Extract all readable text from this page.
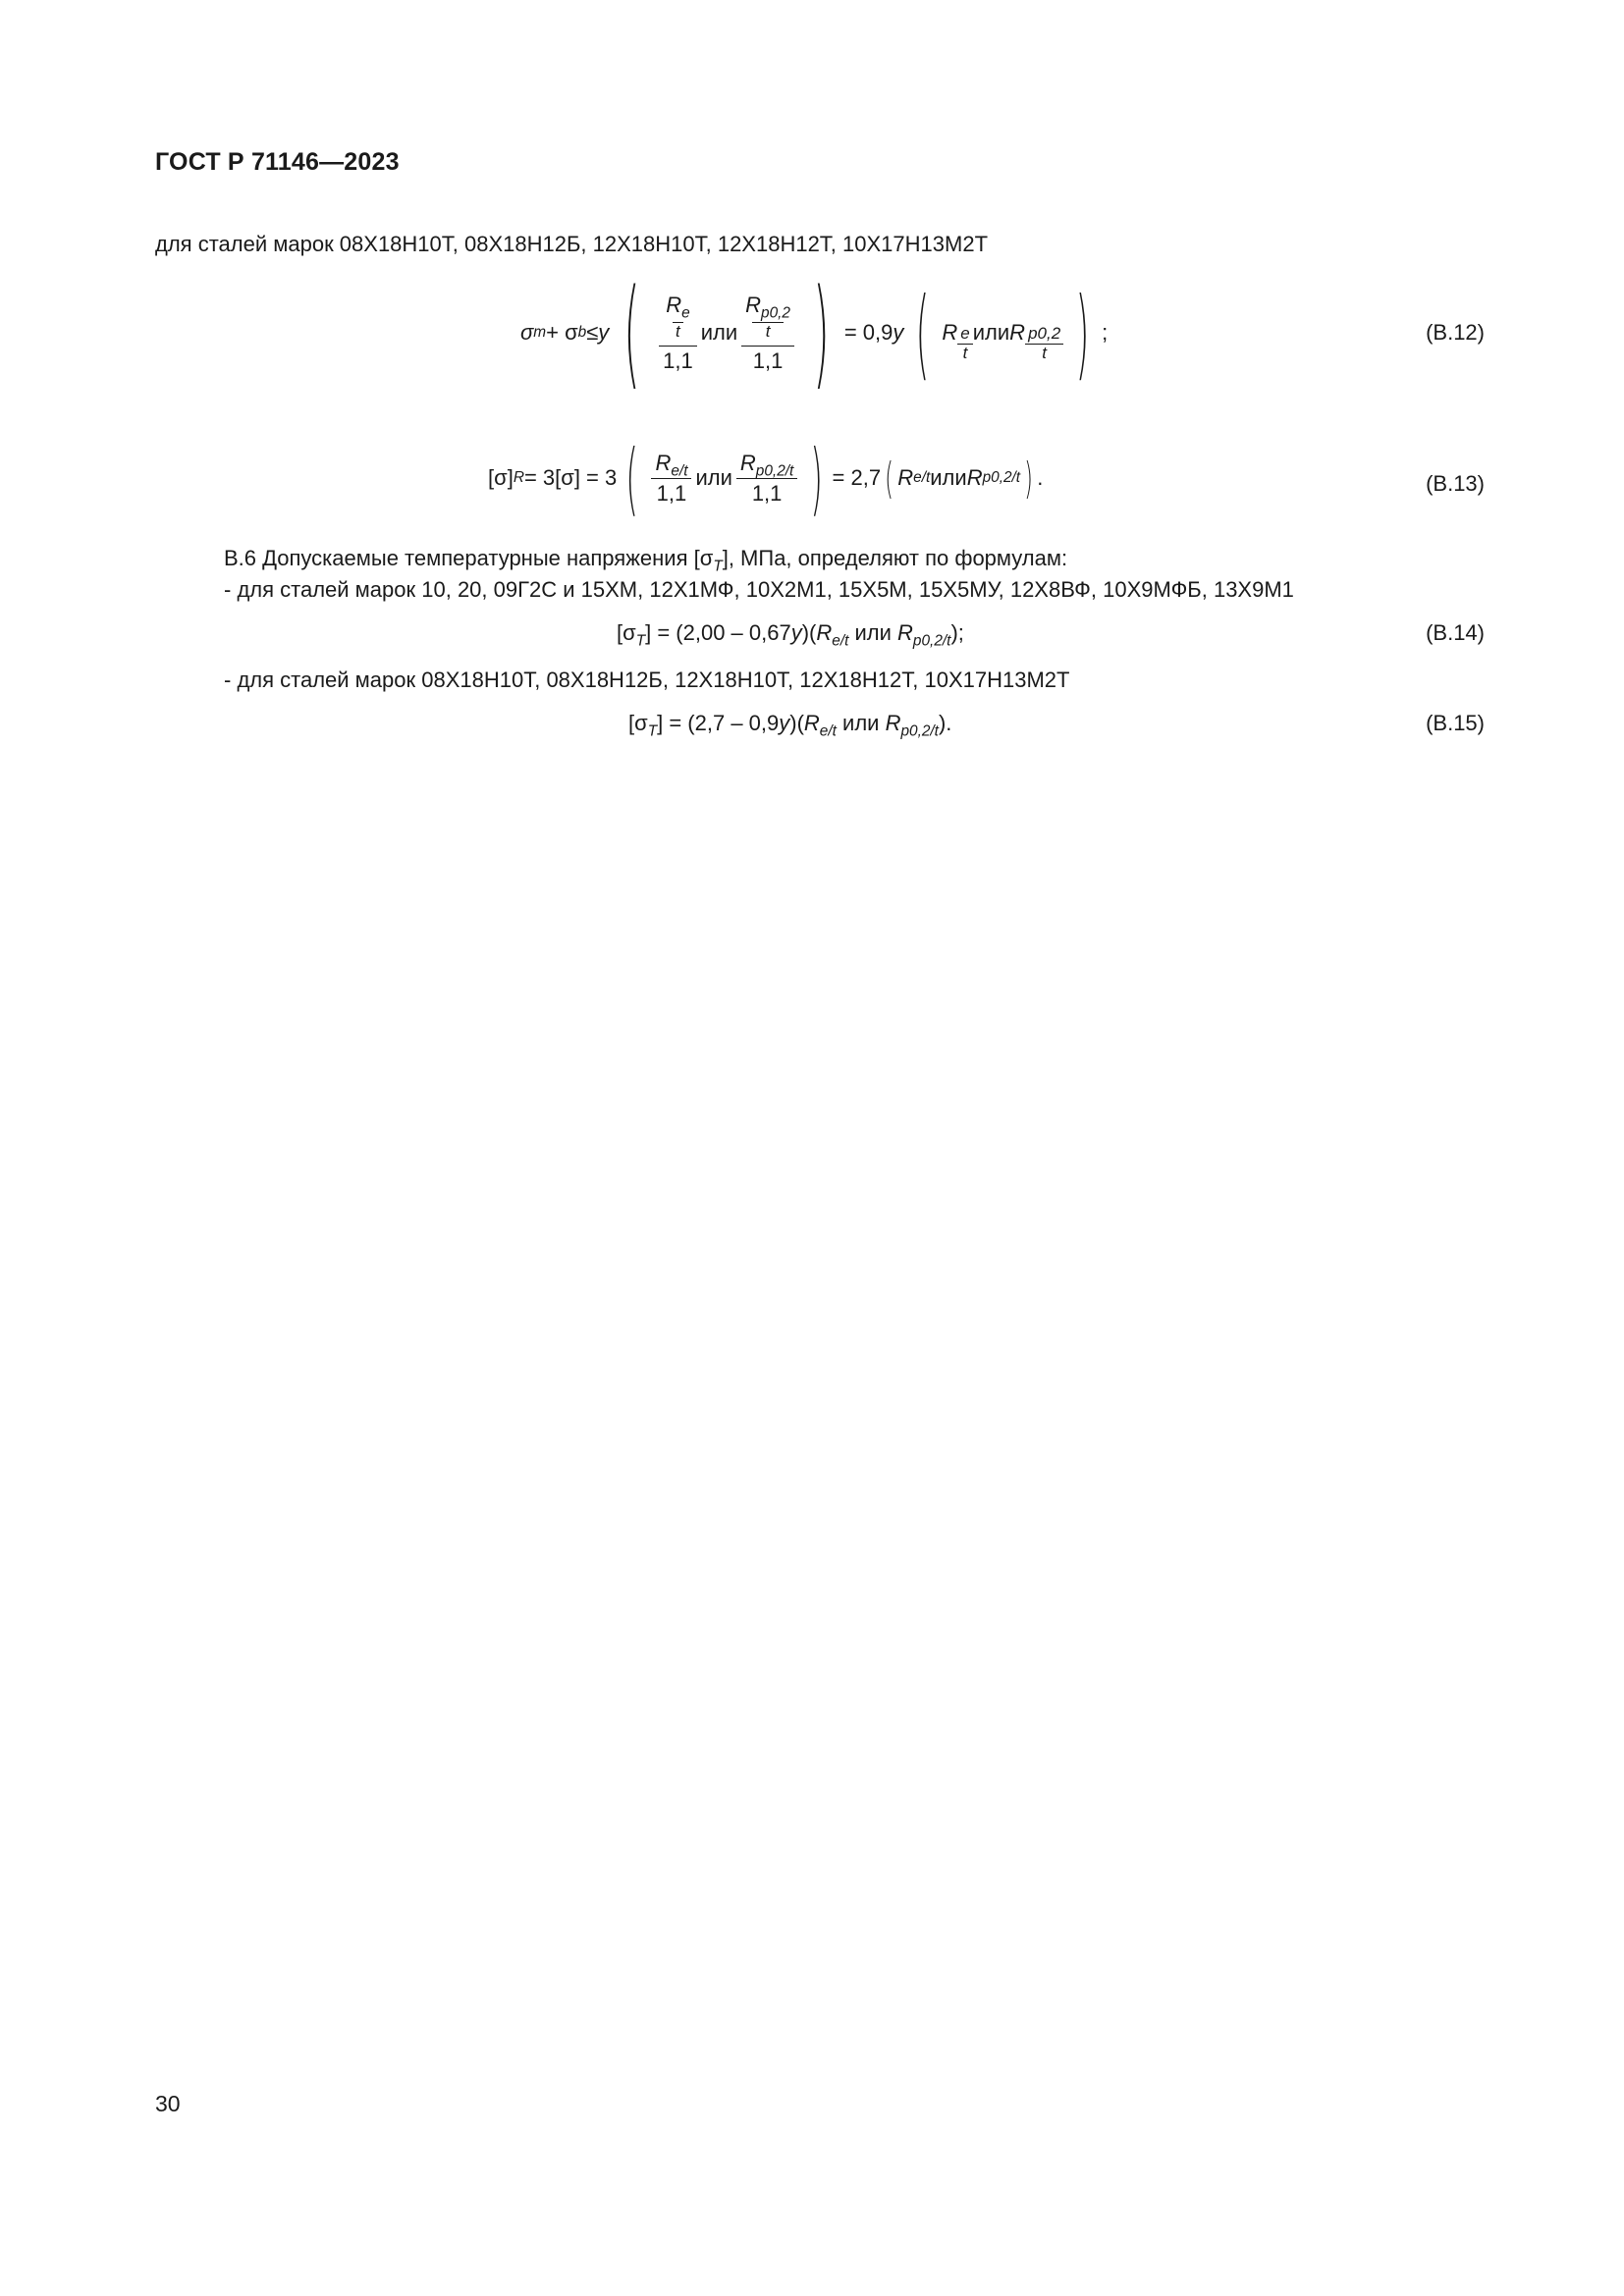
ГОСТ Р 71146—2023
для сталей марок 08Х18Н10Т, 08Х18Н12Б, 12Х18Н10Т, 12Х18Н12Т, 10Х17Н13М2Т
σ m + σ b ≤ y (	$R_e$

t
1,1
или
$R_{p0,2}$

t
1,1 ) = 0,9 y ( R $\frac{e}{t}$ или R $\frac{p0,2}{t}$ ) ;	(В.12)
[σ] R = 3[σ] = 3 ( $\frac{R_{e/t}}{1,1}$ или $\frac{R_{p0,2/t}}{1,1}$ ) = 2,7 ( R e/t или R p0,2/t ) .	(В.13)
В.6 Допускаемые температурные напряжения $[\sigma_T]$, МПа, определяют по формулам:
- для сталей марок 10, 20, 09Г2С и 15ХМ, 12Х1МФ, 10Х2М1, 15Х5М, 15Х5МУ, 12Х8ВФ, 10Х9МФБ, 13Х9М1
$[\sigma_T] = (2,00 - 0,67y)(R_{e/t}$ или $R_{p0,2/t}$);	(В.14)
- для сталей марок 08Х18Н10Т, 08Х18Н12Б, 12Х18Н10Т, 12Х18Н12Т, 10Х17Н13М2Т
$[\sigma_T] = (2,7 - 0,9y)(R_{e/t}$ или $R_{p0,2/t}$).	(В.15)
30
